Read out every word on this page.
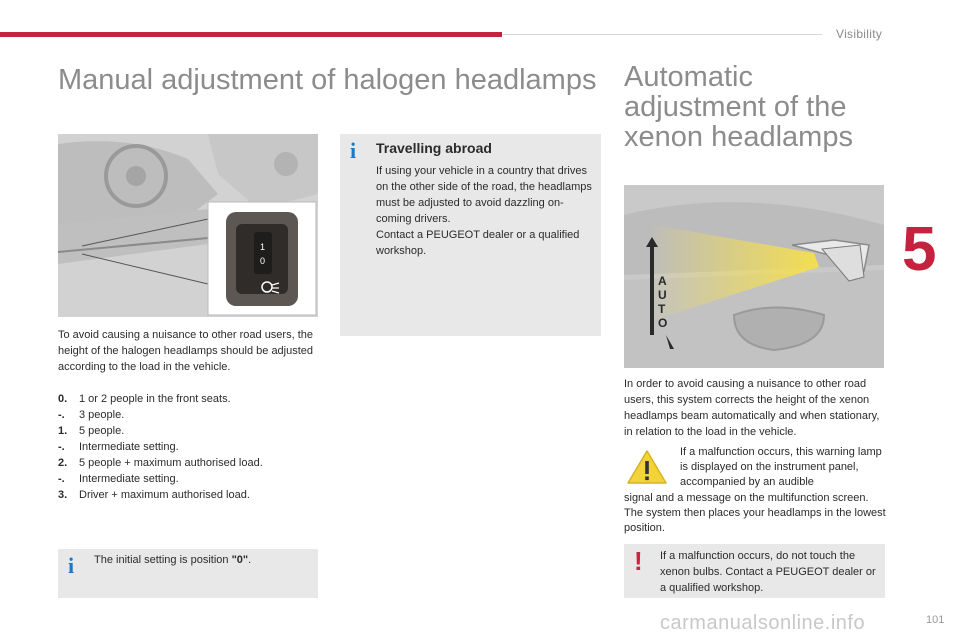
Visibility
5
101
carmanualsonline.info
Manual adjustment of halogen headlamps Automatic adjustment of the xenon headlamps
1
0
To avoid causing a nuisance to other road users, the height of the halogen headlamps should be adjusted according to the load in the vehicle.
0.	1 or 2 people in the front seats.
-.	3 people.
1.	5 people.
-.	Intermediate setting.
2.	5 people + maximum authorised load.
-.	Intermediate setting.
3.	Driver + maximum authorised load.
i The initial setting is position "0".
i Travelling abroad
If using your vehicle in a country that drives on the other side of the road, the headlamps must be adjusted to avoid dazzling on-coming drivers.
Contact a PEUGEOT dealer or a qualified workshop.
A
U
T
O
In order to avoid causing a nuisance to other road users, this system corrects the height of the xenon headlamps beam automatically and when stationary, in relation to the load in the vehicle.
If a malfunction occurs, this warning lamp is displayed on the instrument panel, accompanied by an audible
signal and a message on the multifunction screen. The system then places your headlamps in the lowest position.
! If a malfunction occurs, do not touch the xenon bulbs. Contact a PEUGEOT dealer or a qualified workshop.
